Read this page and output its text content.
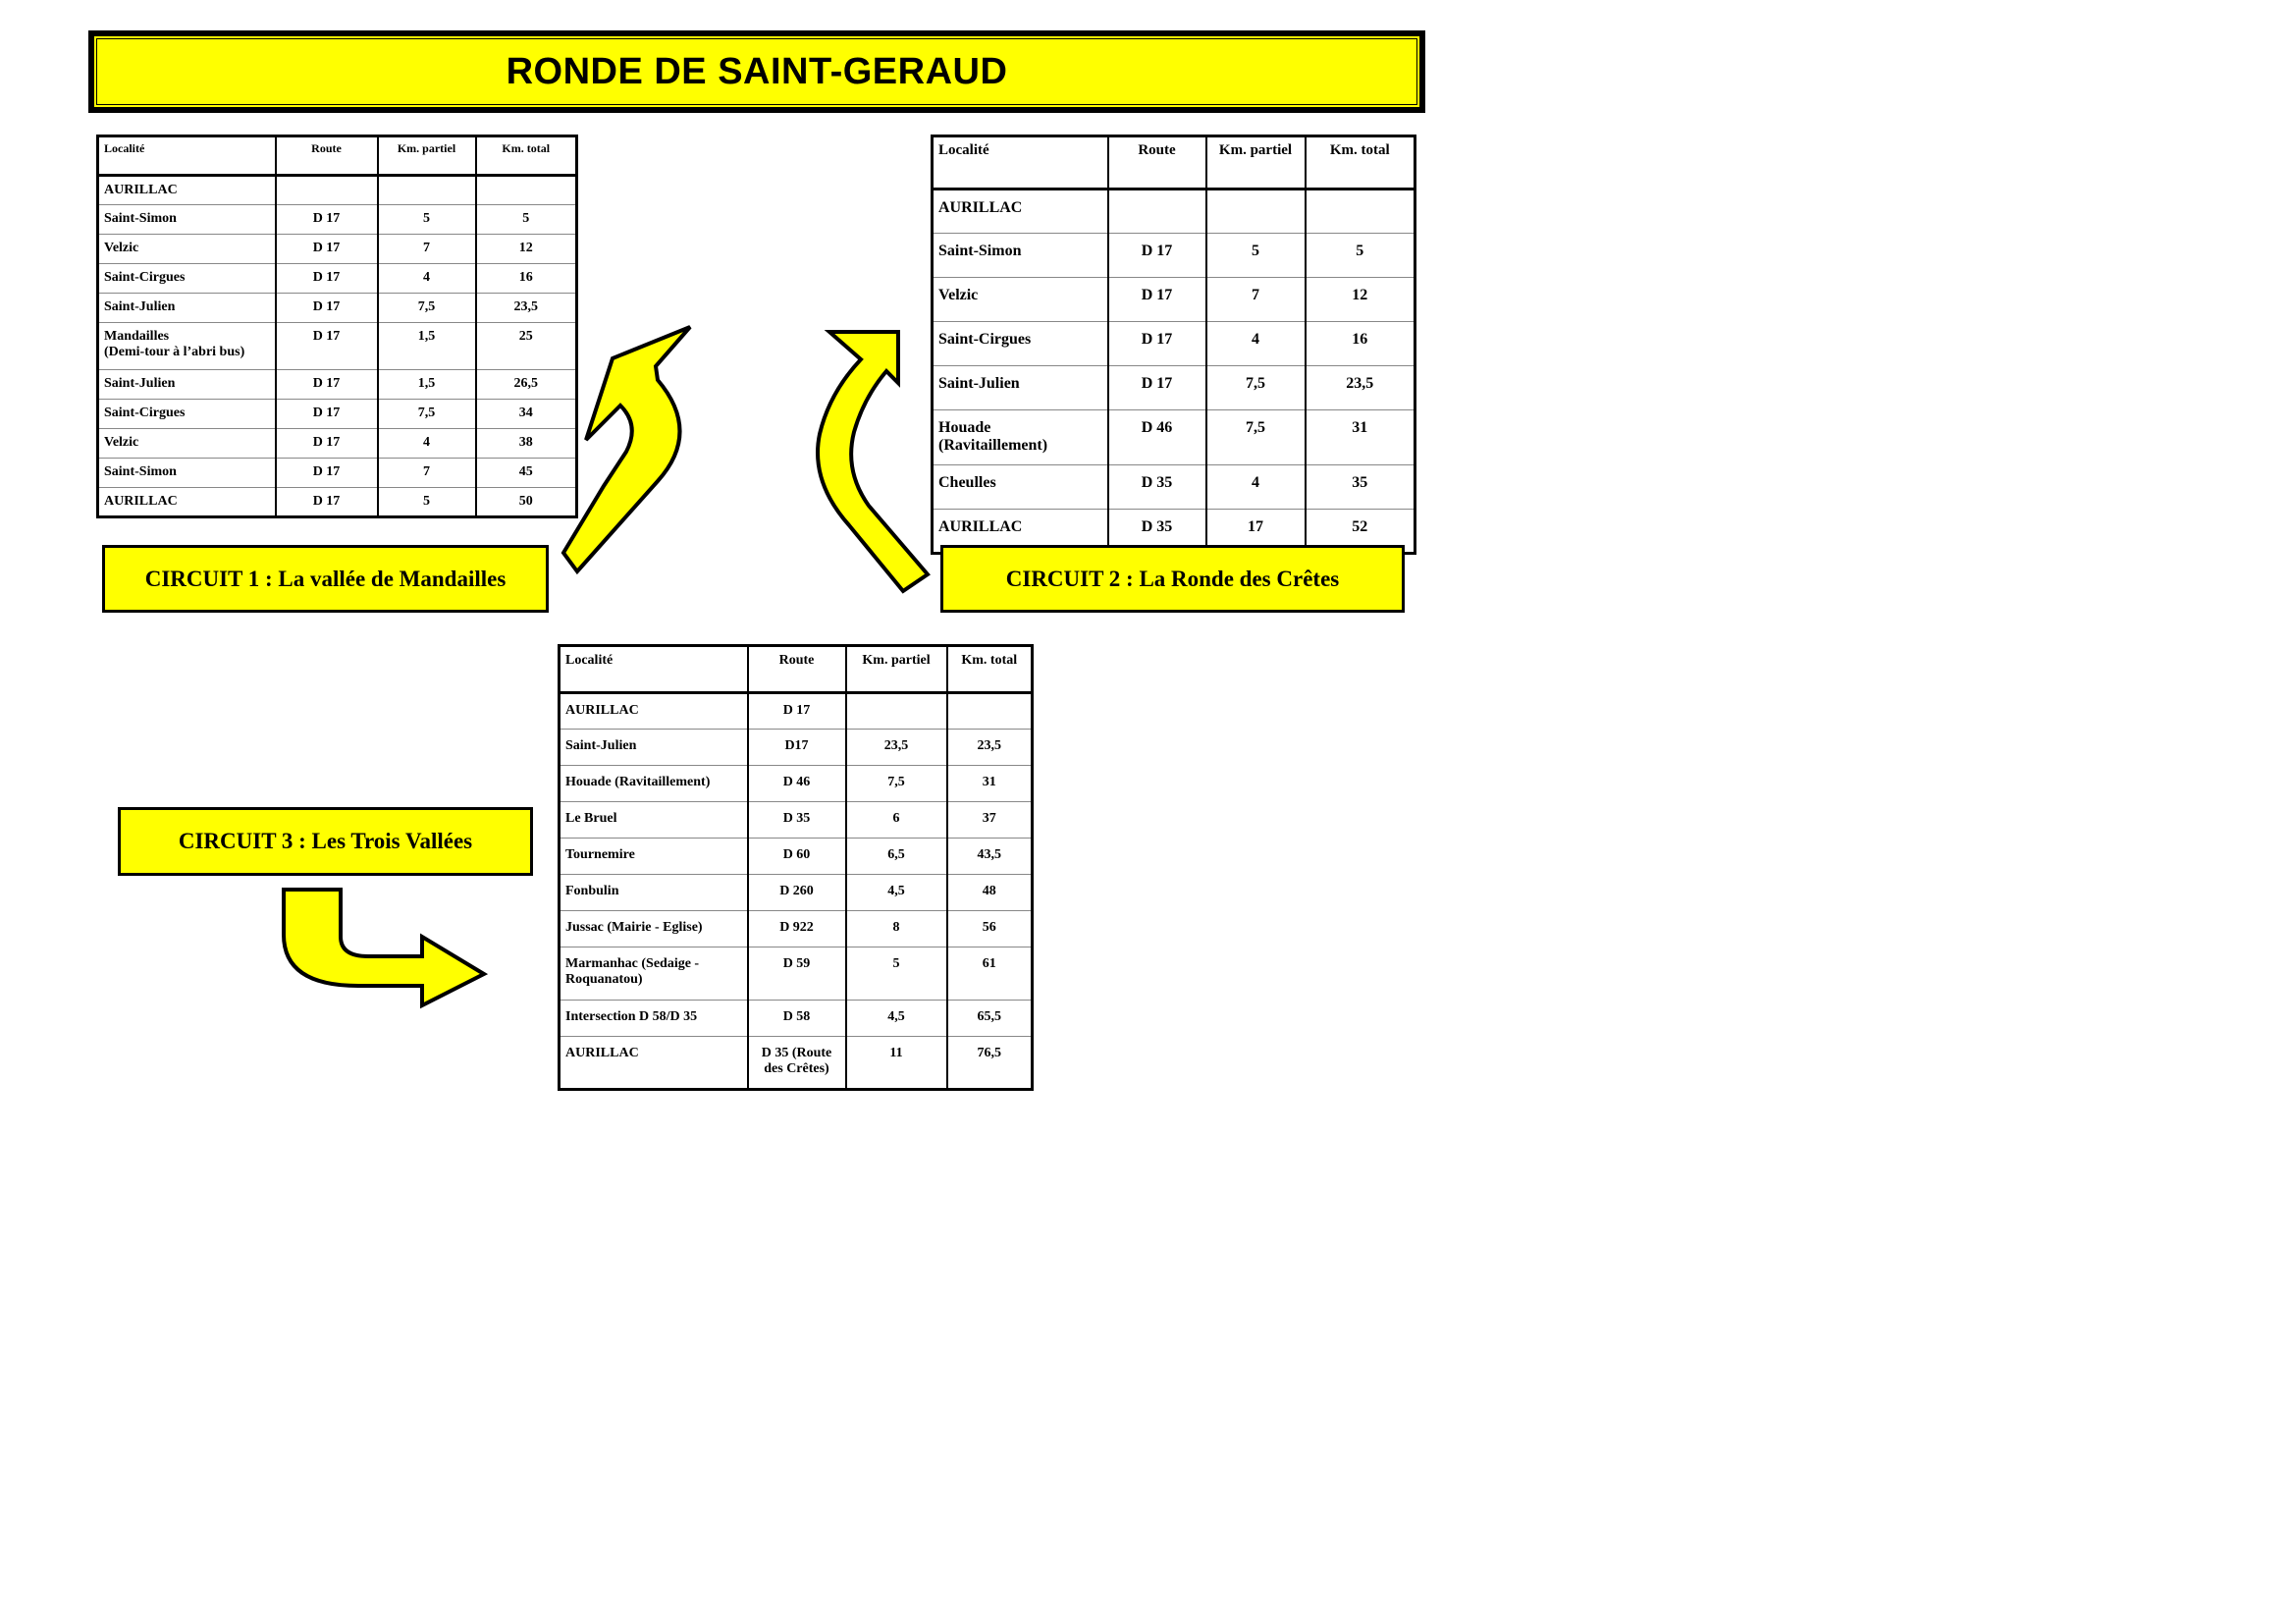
RONDE DE SAINT-GERAUD
Localité	Route	Km. partiel	Km. total
AURILLAC			
Saint-Simon	D 17	5	5
Velzic	D 17	7	12
Saint-Cirgues	D 17	4	16
Saint-Julien	D 17	7,5	23,5
Mandailles
(Demi-tour à l’abri bus)	D 17	1,5	25
Saint-Julien	D 17	1,5	26,5
Saint-Cirgues	D 17	7,5	34
Velzic	D 17	4	38
Saint-Simon	D 17	7	45
AURILLAC	D 17	5	50
Localité	Route	Km. partiel	Km. total
AURILLAC			
Saint-Simon	D 17	5	5
Velzic	D 17	7	12
Saint-Cirgues	D 17	4	16
Saint-Julien	D 17	7,5	23,5
Houade
(Ravitaillement)	D 46	7,5	31
Cheulles	D 35	4	35
AURILLAC	D 35	17	52
Localité	Route	Km. partiel	Km. total
AURILLAC	D 17		
Saint-Julien	D17	23,5	23,5
Houade (Ravitaillement)	D 46	7,5	31
Le Bruel	D 35	6	37
Tournemire	D 60	6,5	43,5
Fonbulin	D 260	4,5	48
Jussac (Mairie - Eglise)	D 922	8	56
Marmanhac (Sedaige -
Roquanatou)	D 59	5	61
Intersection D 58/D 35	D 58	4,5	65,5
AURILLAC	D 35 (Route
des Crêtes)	11	76,5
CIRCUIT 1 : La vallée de Mandailles	CIRCUIT 2 : La Ronde des Crêtes
CIRCUIT 3 : Les Trois Vallées
